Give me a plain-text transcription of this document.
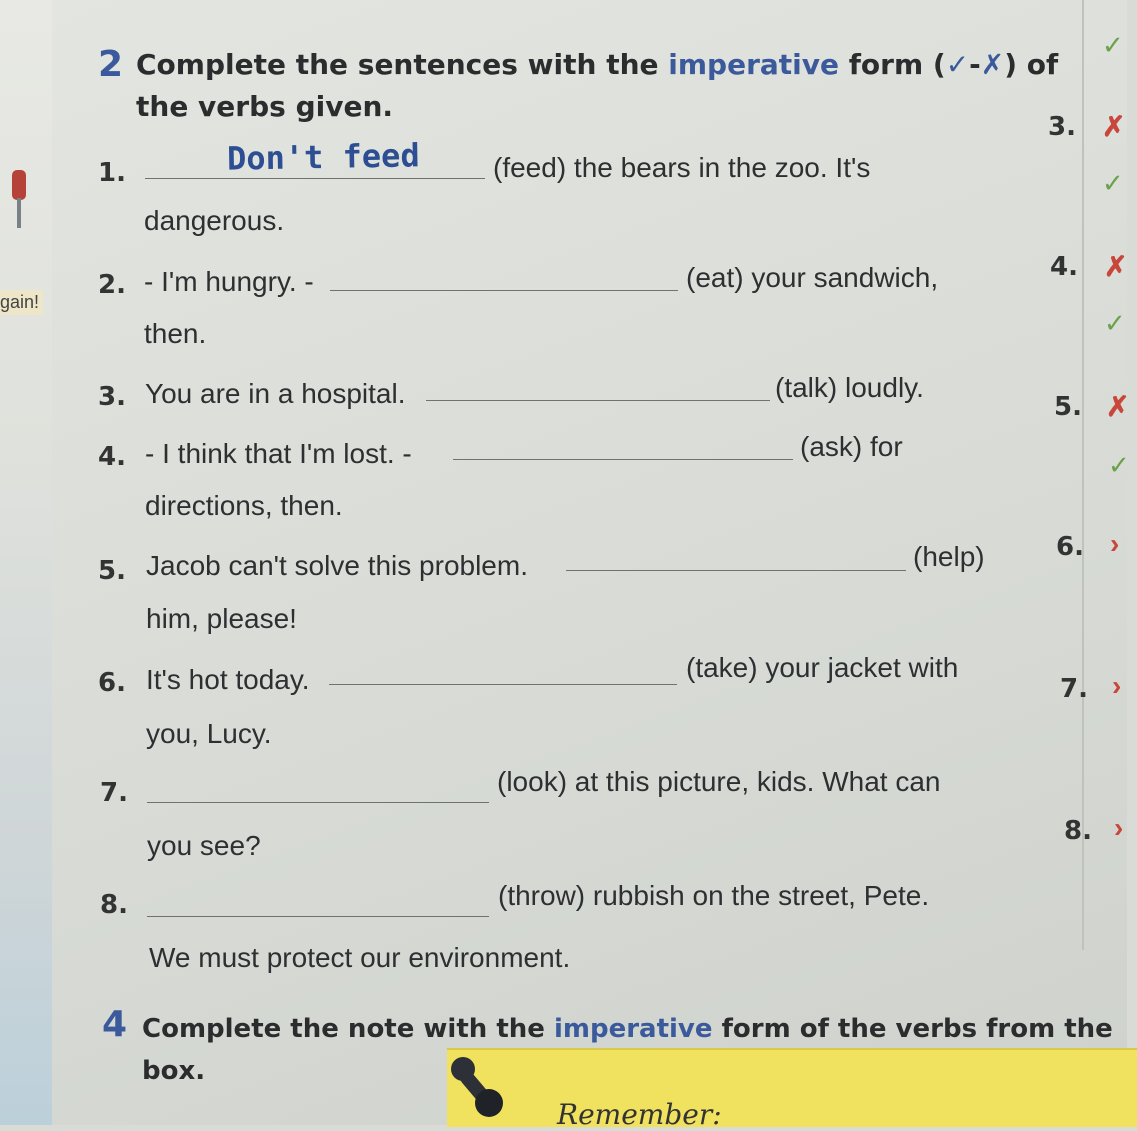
gain!
2 Complete the sentences with the imperative form (✓-✗) of
the verbs given.
1.	Don't feed	(feed) the bears in the zoo. It's
dangerous.
2. - I'm hungry. -	(eat) your sandwich,
then.
3. You are in a hospital.	(talk) loudly.
4. - I think that I'm lost. -	(ask) for
directions, then.
5. Jacob can't solve this problem.	(help)
him, please!
6. It's hot today.	(take) your jacket with
you, Lucy.
7.	(look) at this picture, kids. What can
you see?
8.	(throw) rubbish on the street, Pete.
We must protect our environment.
✓
3. ✗
✓
4. ✗
✓
5. ✗
✓
6. ›
7. ›
8. ›
4 Complete the note with the imperative form of the verbs from the box.
Remember:
